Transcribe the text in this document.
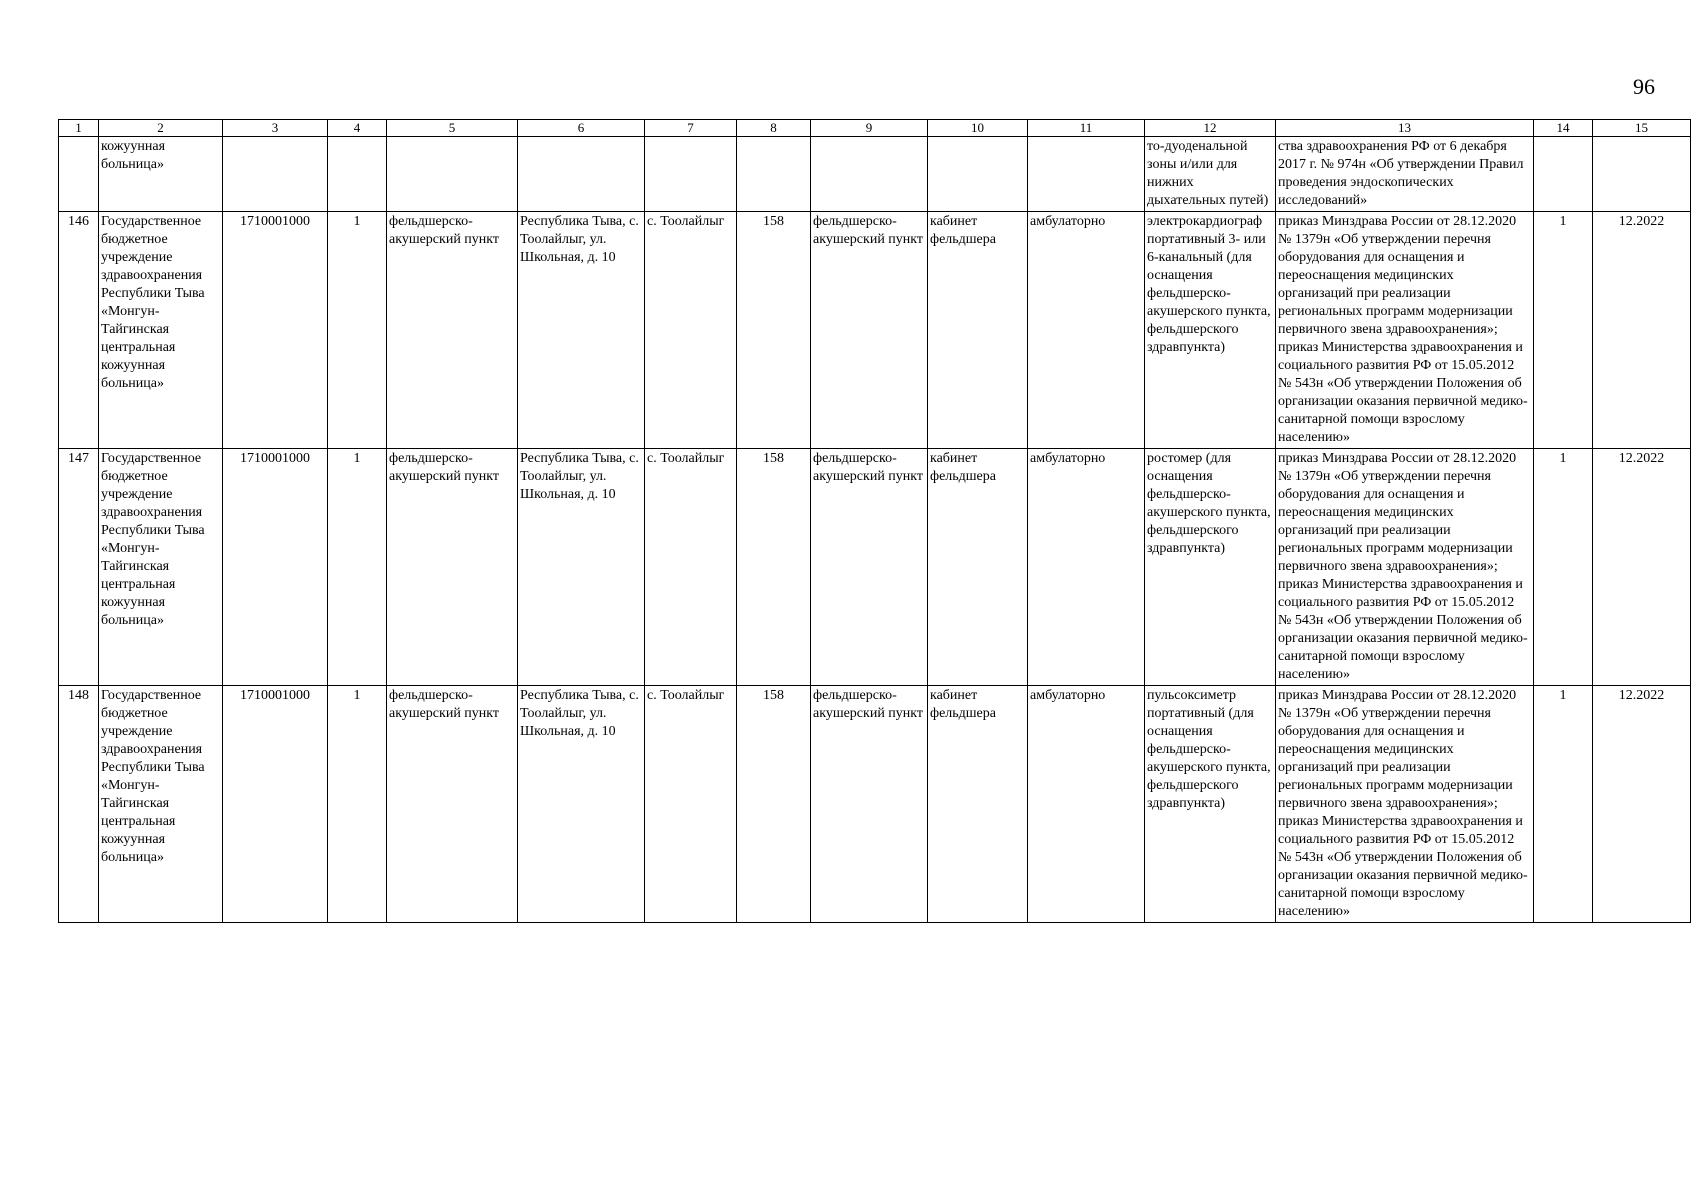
96
1	2	3	4	5	6	7	8	9	10	11	12	13	14	15
	кожуунная больница»										то-дуоденальной зоны и/или для нижних дыхательных путей)	ства здравоохранения РФ от 6 декабря 2017 г. № 974н «Об утверждении Правил проведения эндоскопических исследований»		
146	Государственное бюджетное учреждение здравоохранения Республики Тыва «Монгун-Тайгинская центральная кожуунная больница»	1710001000	1	фельдшерско-акушерский пункт	Республика Тыва, с. Тоолайлыг, ул. Школьная, д. 10	с. Тоолайлыг	158	фельдшерско-акушерский пункт	кабинет фельдшера	амбулаторно	электрокардиограф портативный 3- или 6-канальный (для оснащения фельдшерско-акушерского пункта, фельдшерского здравпункта)	приказ Минздрава России от 28.12.2020 № 1379н «Об утверждении перечня оборудования для оснащения и переоснащения медицинских организаций при реализации региональных программ модернизации первичного звена здравоохранения»; приказ Министерства здравоохранения и социального развития РФ от 15.05.2012 № 543н «Об утверждении Положения об организации оказания первичной медико-санитарной помощи взрослому населению»	1	12.2022
147	Государственное бюджетное учреждение здравоохранения Республики Тыва «Монгун-Тайгинская центральная кожуунная больница»	1710001000	1	фельдшерско-акушерский пункт	Республика Тыва, с. Тоолайлыг, ул. Школьная, д. 10	с. Тоолайлыг	158	фельдшерско-акушерский пункт	кабинет фельдшера	амбулаторно	ростомер (для оснащения фельдшерско-акушерского пункта, фельдшерского здравпункта)	приказ Минздрава России от 28.12.2020 № 1379н «Об утверждении перечня оборудования для оснащения и переоснащения медицинских организаций при реализации региональных программ модернизации первичного звена здравоохранения»; приказ Министерства здравоохранения и социального развития РФ от 15.05.2012 № 543н «Об утверждении Положения об организации оказания первичной медико-санитарной помощи взрослому населению»	1	12.2022
148	Государственное бюджетное учреждение здравоохранения Республики Тыва «Монгун-Тайгинская центральная кожуунная больница»	1710001000	1	фельдшерско-акушерский пункт	Республика Тыва, с. Тоолайлыг, ул. Школьная, д. 10	с. Тоолайлыг	158	фельдшерско-акушерский пункт	кабинет фельдшера	амбулаторно	пульсоксиметр портативный (для оснащения фельдшерско-акушерского пункта, фельдшерского здравпункта)	приказ Минздрава России от 28.12.2020 № 1379н «Об утверждении перечня оборудования для оснащения и переоснащения медицинских организаций при реализации региональных программ модернизации первичного звена здравоохранения»; приказ Министерства здравоохранения и социального развития РФ от 15.05.2012 № 543н «Об утверждении Положения об организации оказания первичной медико-санитарной помощи взрослому населению»	1	12.2022
